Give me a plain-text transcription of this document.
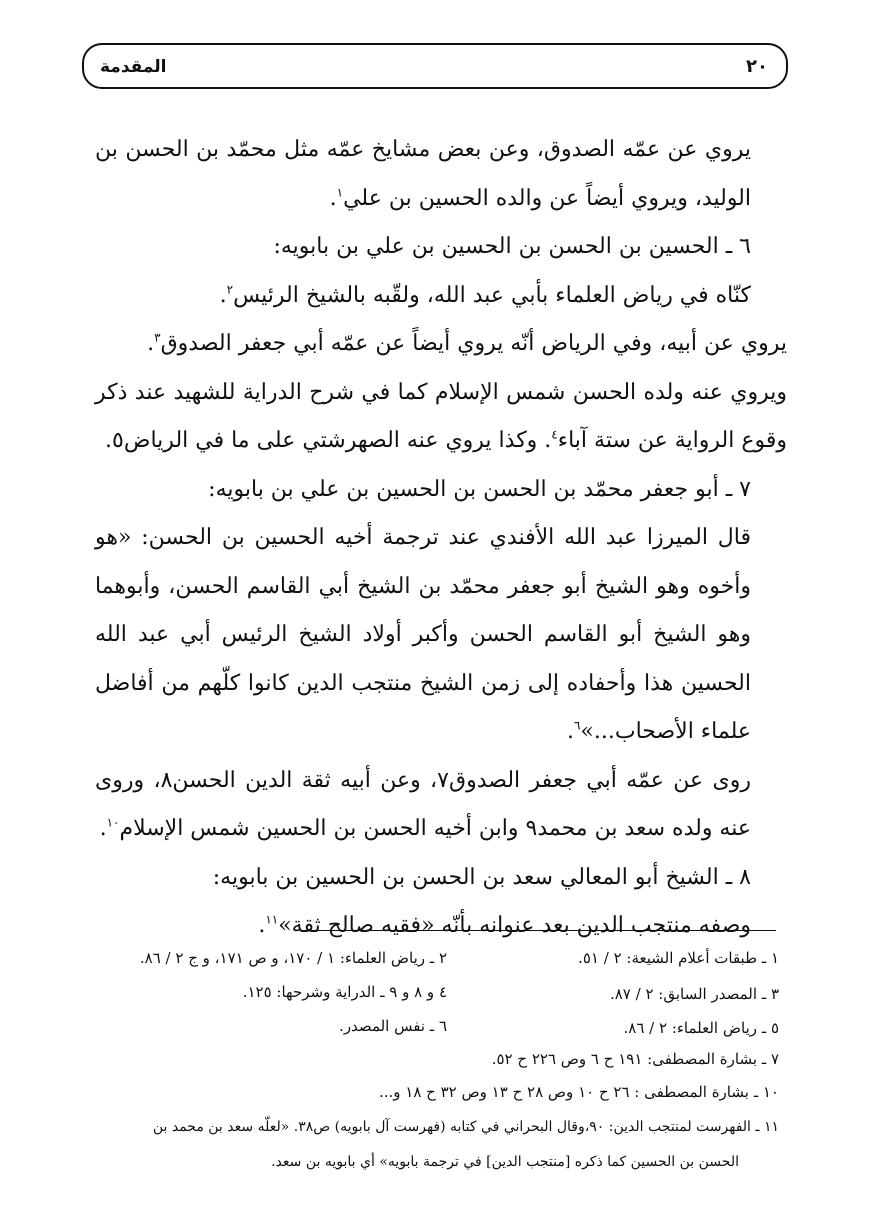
المقدمة	٢٠

يروي عن عمّه الصدوق، وعن بعض مشايخ عمّه مثل محمّد بن الحسن بن الوليد، ويروي أيضاً عن والده الحسين بن علي$^١$.

٦ ـ الحسين بن الحسن بن الحسين بن علي بن بابويه:

كنّاه في رياض العلماء بأبي عبد الله، ولقّبه بالشيخ الرئيس$^٢$.

يروي عن أبيه، وفي الرياض أنّه يروي أيضاً عن عمّه أبي جعفر الصدوق$^٣$.

ويروي عنه ولده الحسن شمس الإسلام كما في شرح الدراية للشهيد عند ذكر وقوع الرواية عن ستة آباء$^٤$. وكذا يروي عنه الصهرشتي على ما في الرياض٥.

٧ ـ أبو جعفر محمّد بن الحسن بن الحسين بن علي بن بابويه:

قال الميرزا عبد الله الأفندي عند ترجمة أخيه الحسين بن الحسن: «هو وأخوه وهو الشيخ أبو جعفر محمّد بن الشيخ أبي القاسم الحسن، وأبوهما وهو الشيخ أبو القاسم الحسن وأكبر أولاد الشيخ الرئيس أبي عبد الله الحسين هذا وأحفاده إلى زمن الشيخ منتجب الدين كانوا كلّهم من أفاضل علماء الأصحاب...»$^٦$.

روى عن عمّه أبي جعفر الصدوق٧، وعن أبيه ثقة الدين الحسن٨، وروى عنه ولده سعد بن محمد٩ وابن أخيه الحسن بن الحسين شمس الإسلام$^{١٠}$.

٨ ـ الشيخ أبو المعالي سعد بن الحسن بن الحسين بن بابويه:

وصفه منتجب الدين بعد عنوانه بأنّه «فقيه صالح ثقة»$^{١١}$.

١ ـ طبقات أعلام الشيعة: ٢ / ٥١.
٢ ـ رياض العلماء: ١ / ١٧٠، و ص ١٧١، و ج ٢ / ٨٦.
٣ ـ المصدر السابق: ٢ / ٨٧.
٤ و ٨ و ٩ ـ الدراية وشرحها: ١٢٥.
٥ ـ رياض العلماء: ٢ / ٨٦.
٦ ـ نفس المصدر.
٧ ـ بشارة المصطفى: ١٩١ ح ٦ وص ٢٢٦ ح ٥٢.
١٠ ـ بشارة المصطفى : ٢٦ ح ١٠ وص ٢٨ ح ١٣ وص ٣٢ ح ١٨ و...
١١ ـ الفهرست لمنتجب الدين: ٩٠،وقال البحراني في كتابه (فهرست آل بابويه) ص٣٨. «لعلّه سعد بن محمد بن
الحسن بن الحسين كما ذكره [منتجب الدين] في ترجمة بابويه» أي بابويه بن سعد.
